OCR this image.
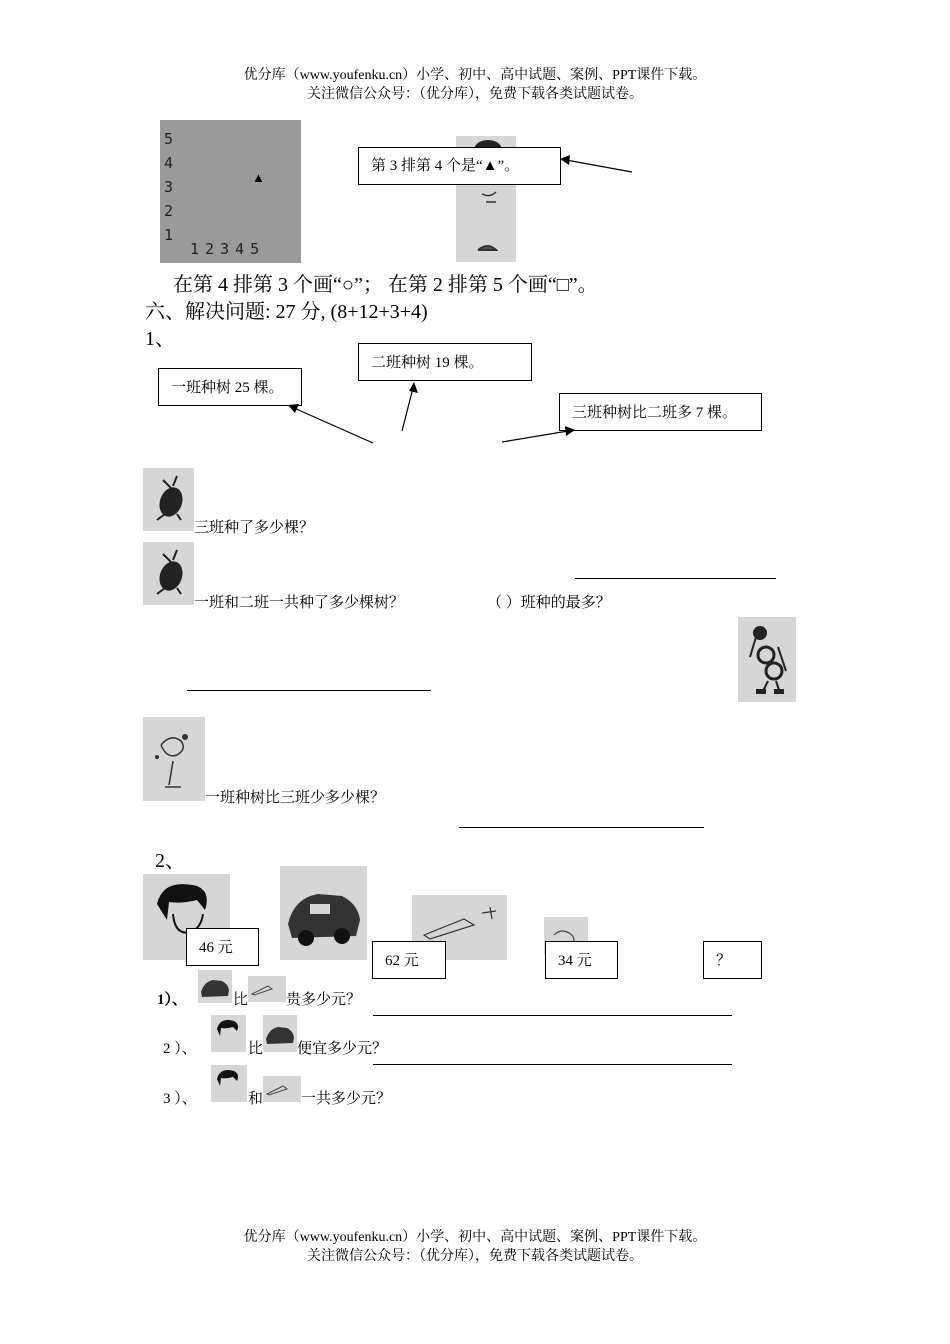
优分库（www.youfenku.cn）小学、初中、高中试题、案例、PPT课件下载。
关注微信公众号：（优分库），免费下载各类试题试卷。
5
4
3
2
1
▲
12345
第 3 排第 4 个是“▲”。
在第 4 排第 3 个画“○”； 在第 2 排第 5 个画“□”。
六、解决问题: 27 分, (8+12+3+4)
1、
一班种树 25 棵。
二班种树 19 棵。
三班种树比二班多 7 棵。
三班种了多少棵？
一班和二班一共种了多少棵树？	（ ）班种的最多？
一班种树比三班少多少棵？
2、
46 元
62 元	34 元	？
1）、	比	贵多少元？
2 ）、	比 便宜多少元？
3 ）、	和	一共多少元？
优分库（www.youfenku.cn）小学、初中、高中试题、案例、PPT课件下载。
关注微信公众号：（优分库），免费下载各类试题试卷。
